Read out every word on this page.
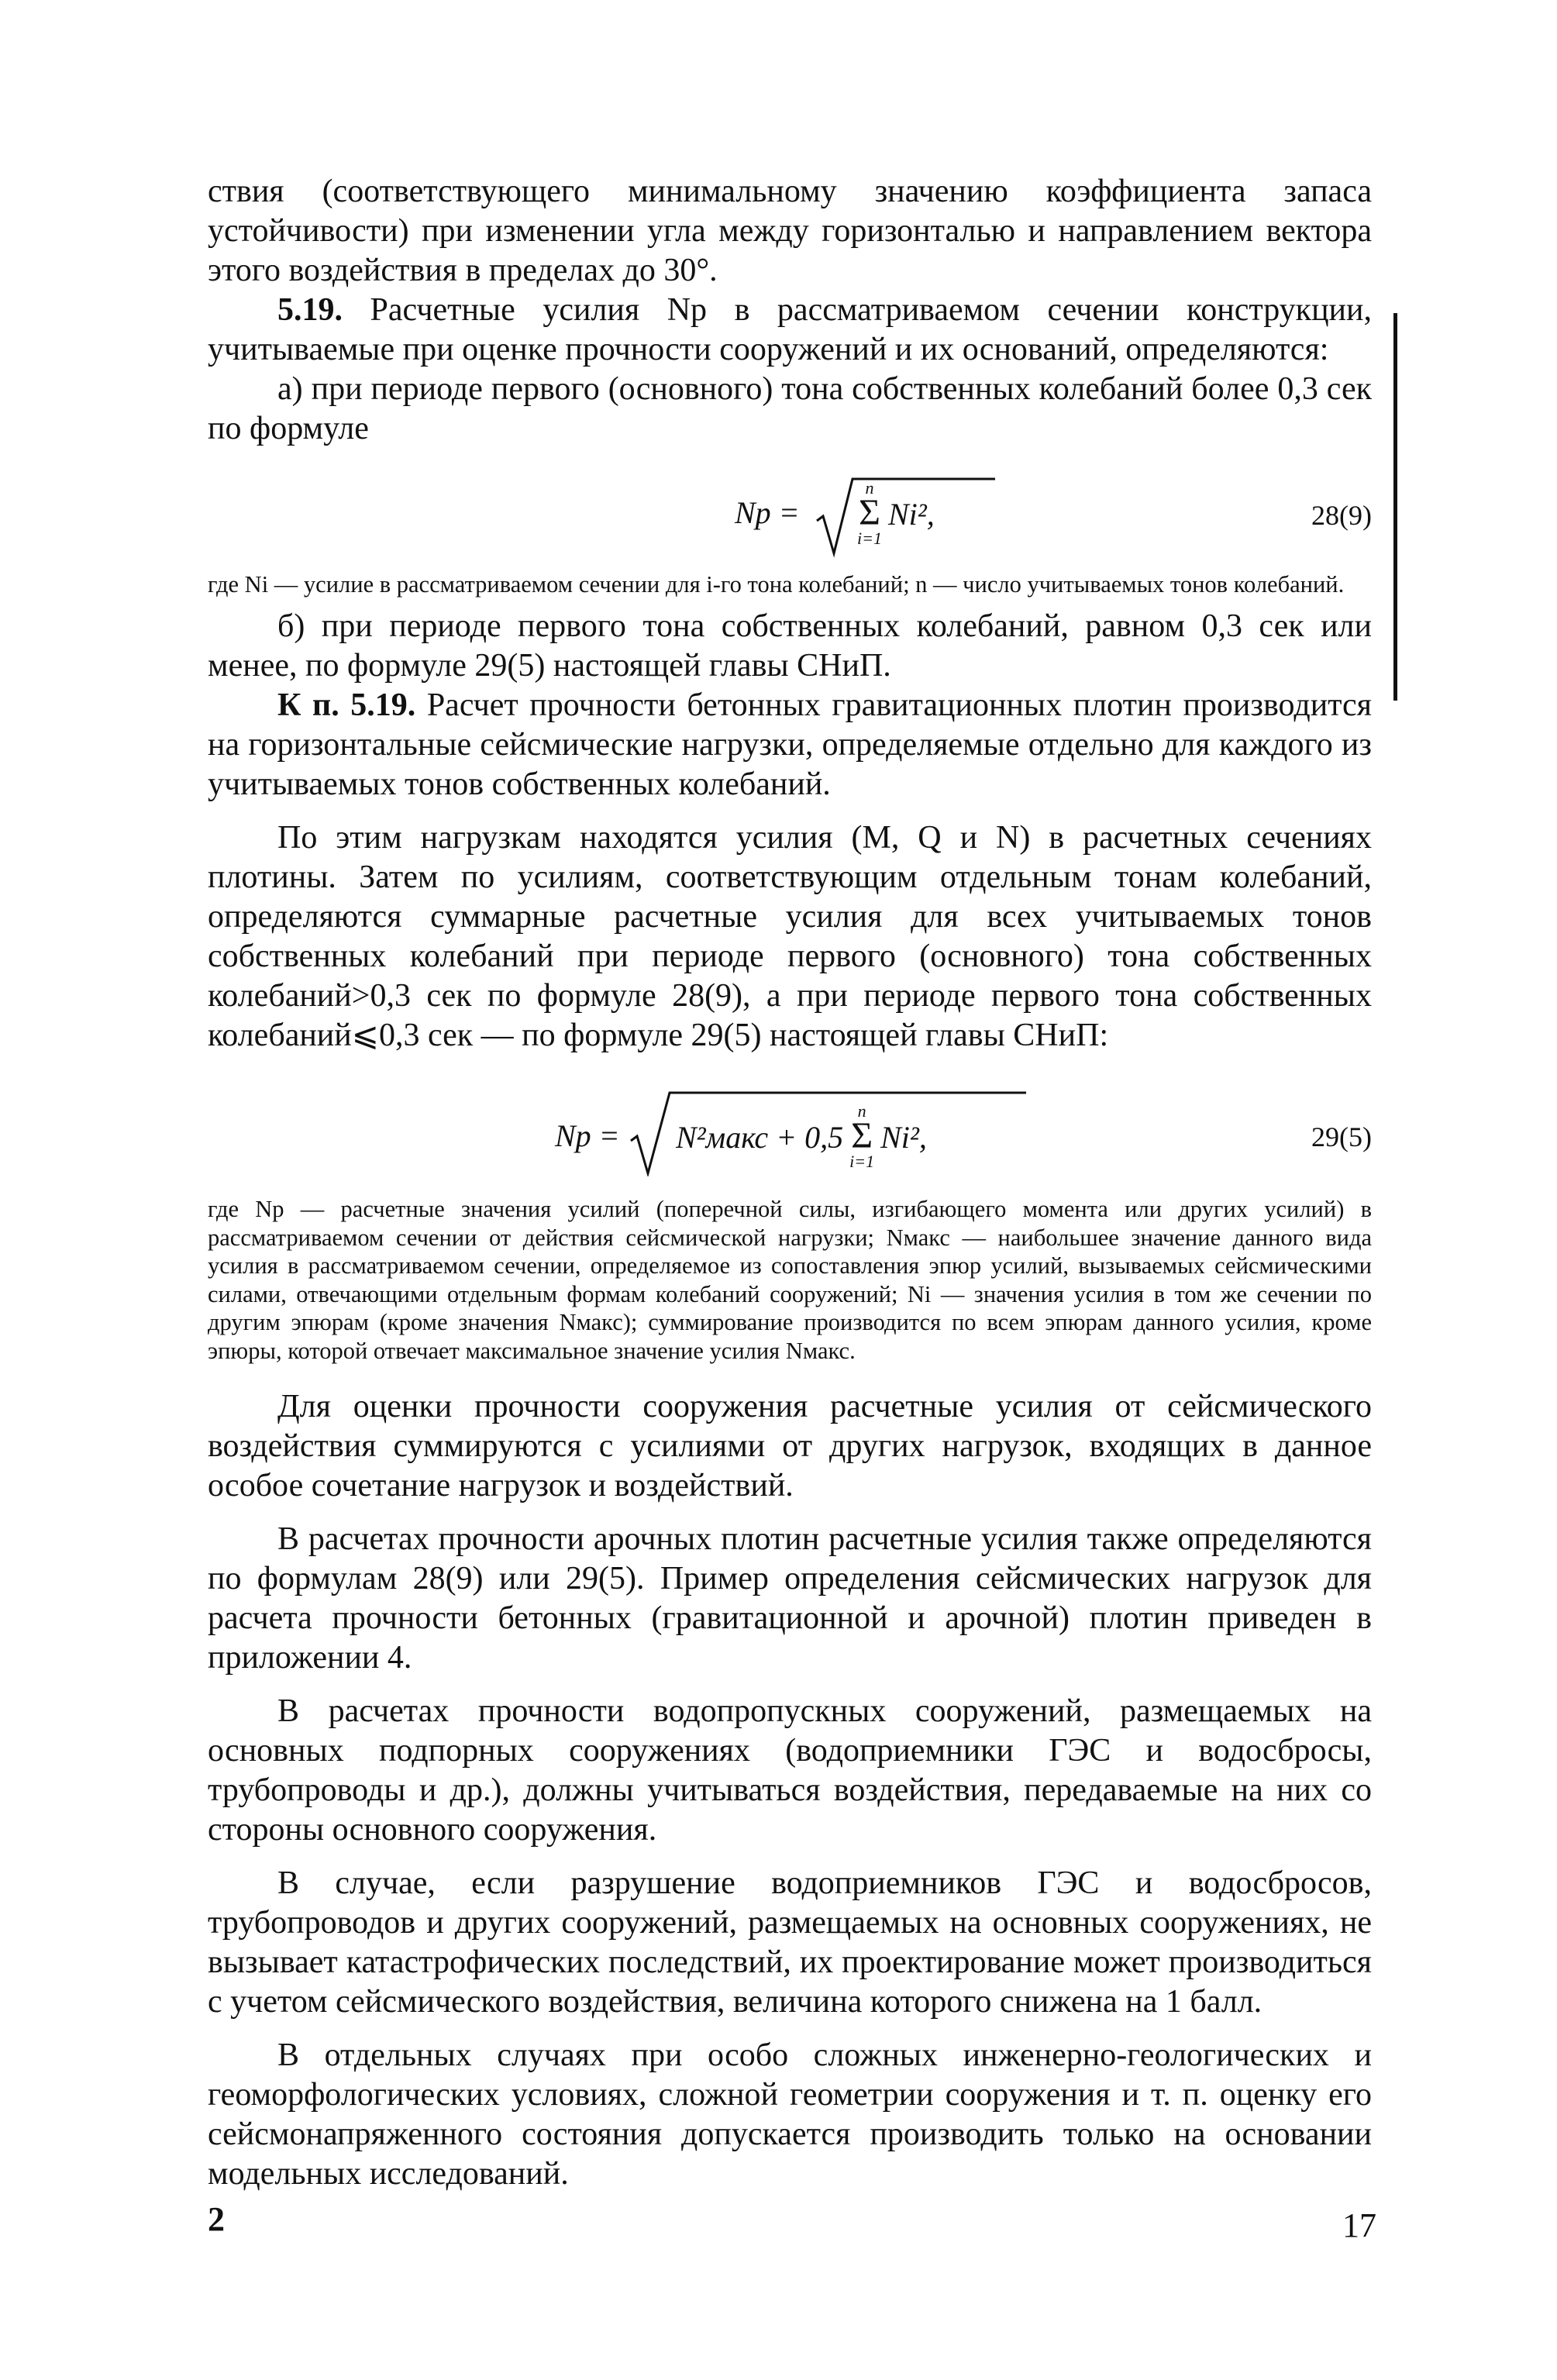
ствия (соответствующего минимальному значению коэффициента запаса устойчивости) при изменении угла между горизонталью и направлением вектора этого воздействия в пределах до 30°.

5.19. Расчетные усилия Nр в рассматриваемом сечении конструкции, учитываемые при оценке прочности сооружений и их оснований, определяются:

а) при периоде первого (основного) тона собственных колебаний более 0,3 сек по формуле

Nр =
n
Σ
i=1
Ni²,	28(9)

где Ni — усилие в рассматриваемом сечении для i-го тона колебаний; n — число учитываемых тонов колебаний.

б) при периоде первого тона собственных колебаний, равном 0,3 сек или менее, по формуле 29(5) настоящей главы СНиП.

К п. 5.19. Расчет прочности бетонных гравитационных плотин производится на горизонтальные сейсмические нагрузки, определяемые отдельно для каждого из учитываемых тонов собственных колебаний.

По этим нагрузкам находятся усилия (M, Q и N) в расчетных сечениях плотины. Затем по усилиям, соответствующим отдельным тонам колебаний, определяются суммарные расчетные усилия для всех учитываемых тонов собственных колебаний при периоде первого (основного) тона собственных колебаний>0,3 сек по формуле 28(9), а при периоде первого тона собственных колебаний⩽0,3 сек — по формуле 29(5) настоящей главы СНиП:

Nр = N²макс + 0,5
n
Σ
i=1
Ni²,	29(5)

где Nр — расчетные значения усилий (поперечной силы, изгибающего момента или других усилий) в рассматриваемом сечении от действия сейсмической нагрузки; Nмакс — наибольшее значение данного вида усилия в рассматриваемом сечении, определяемое из сопоставления эпюр усилий, вызываемых сейсмическими силами, отвечающими отдельным формам колебаний сооружений; Ni — значения усилия в том же сечении по другим эпюрам (кроме значения Nмакс); суммирование производится по всем эпюрам данного усилия, кроме эпюры, которой отвечает максимальное значение усилия Nмакс.

Для оценки прочности сооружения расчетные усилия от сейсмического воздействия суммируются с усилиями от других нагрузок, входящих в данное особое сочетание нагрузок и воздействий.

В расчетах прочности арочных плотин расчетные усилия также определяются по формулам 28(9) или 29(5). Пример определения сейсмических нагрузок для расчета прочности бетонных (гравитационной и арочной) плотин приведен в приложении 4.

В расчетах прочности водопропускных сооружений, размещаемых на основных подпорных сооружениях (водоприемники ГЭС и водосбросы, трубопроводы и др.), должны учитываться воздействия, передаваемые на них со стороны основного сооружения.

В случае, если разрушение водоприемников ГЭС и водосбросов, трубопроводов и других сооружений, размещаемых на основных сооружениях, не вызывает катастрофических последствий, их проектирование может производиться с учетом сейсмического воздействия, величина которого снижена на 1 балл.

В отдельных случаях при особо сложных инженерно-геологических и геоморфологических условиях, сложной геометрии сооружения и т. п. оценку его сейсмонапряженного состояния допускается производить только на основании модельных исследований.

2	17
